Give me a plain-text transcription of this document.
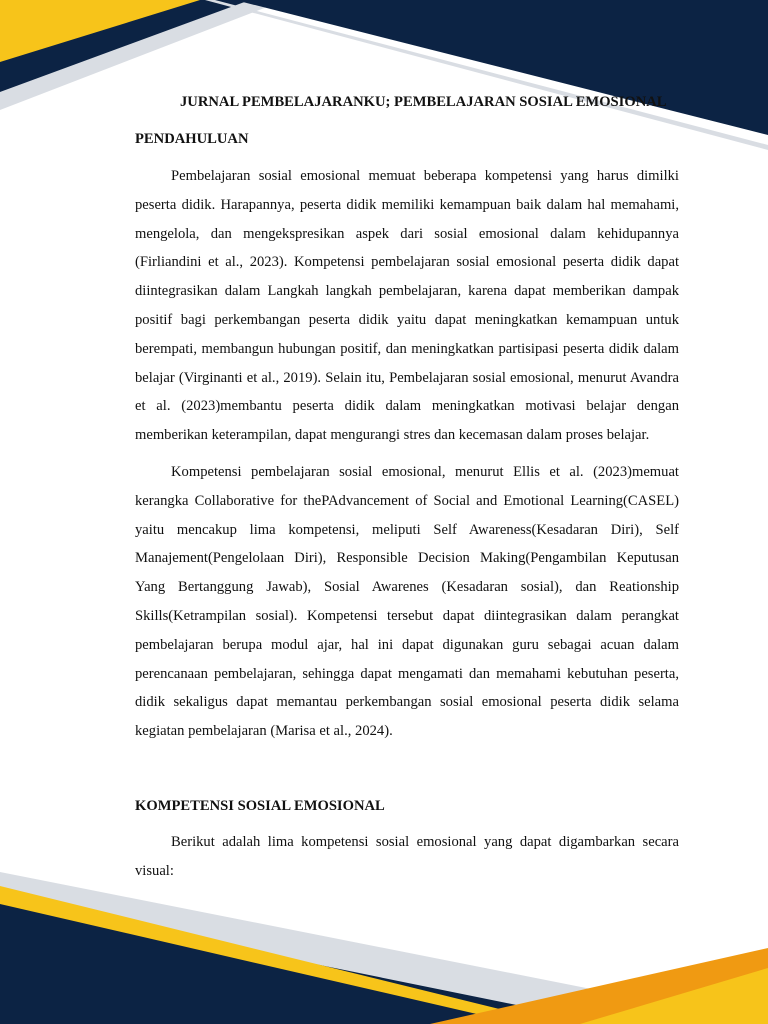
JURNAL PEMBELAJARANKU; PEMBELAJARAN SOSIAL EMOSIONAL
PENDAHULUAN

Pembelajaran sosial emosional memuat beberapa kompetensi yang harus dimilki peserta didik. Harapannya, peserta didik memiliki kemampuan baik dalam hal memahami, mengelola, dan mengekspresikan aspek dari sosial emosional dalam kehidupannya (Firliandini et al., 2023). Kompetensi pembelajaran sosial emosional peserta didik dapat diintegrasikan dalam Langkah langkah pembelajaran, karena dapat memberikan dampak positif bagi perkembangan peserta didik yaitu dapat meningkatkan kemampuan untuk berempati, membangun hubungan positif, dan meningkatkan partisipasi peserta didik dalam belajar (Virginanti et al., 2019). Selain itu, Pembelajaran sosial emosional, menurut Avandra et al. (2023)membantu peserta didik dalam meningkatkan motivasi belajar dengan memberikan keterampilan, dapat mengurangi stres dan kecemasan dalam proses belajar.

Kompetensi pembelajaran sosial emosional, menurut Ellis et al. (2023)memuat kerangka Collaborative for thePAdvancement of Social and Emotional Learning(CASEL) yaitu mencakup lima kompetensi, meliputi Self Awareness(Kesadaran Diri), Self Manajement(Pengelolaan Diri), Responsible Decision Making(Pengambilan Keputusan Yang Bertanggung Jawab), Sosial Awarenes (Kesadaran sosial), dan Reationship Skills(Ketrampilan sosial). Kompetensi tersebut dapat diintegrasikan dalam perangkat pembelajaran berupa modul ajar, hal ini dapat digunakan guru sebagai acuan dalam perencanaan pembelajaran, sehingga dapat mengamati dan memahami kebutuhan peserta, didik sekaligus dapat memantau perkembangan sosial emosional peserta didik selama kegiatan pembelajaran (Marisa et al., 2024).

KOMPETENSI SOSIAL EMOSIONAL

Berikut adalah lima kompetensi sosial emosional yang dapat digambarkan secara visual:
